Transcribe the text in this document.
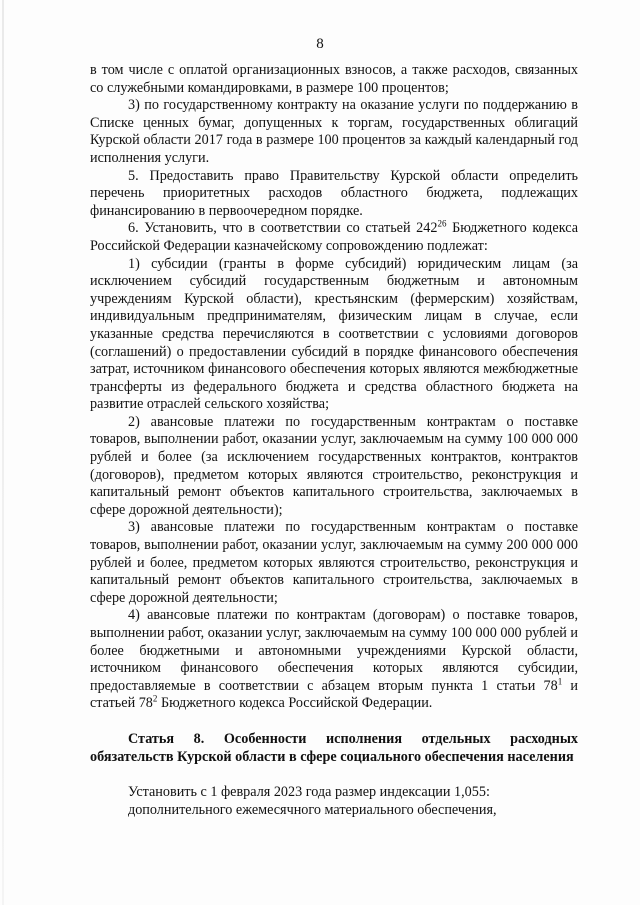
8

в том числе с оплатой организационных взносов, а также расходов, связанных со служебными командировками, в размере 100 процентов;

3) по государственному контракту на оказание услуги по поддержанию в Списке ценных бумаг, допущенных к торгам, государственных облигаций Курской области 2017 года в размере 100 процентов за каждый календарный год исполнения услуги.

5. Предоставить право Правительству Курской области определить перечень приоритетных расходов областного бюджета, подлежащих финансированию в первоочередном порядке.

6. Установить, что в соответствии со статьей $242^{26}$ Бюджетного кодекса Российской Федерации казначейскому сопровождению подлежат:

1) субсидии (гранты в форме субсидий) юридическим лицам (за исключением субсидий государственным бюджетным и автономным учреждениям Курской области), крестьянским (фермерским) хозяйствам, индивидуальным предпринимателям, физическим лицам в случае, если указанные средства перечисляются в соответствии с условиями договоров (соглашений) о предоставлении субсидий в порядке финансового обеспечения затрат, источником финансового обеспечения которых являются межбюджетные трансферты из федерального бюджета и средства областного бюджета на развитие отраслей сельского хозяйства;

2) авансовые платежи по государственным контрактам о поставке товаров, выполнении работ, оказании услуг, заключаемым на сумму 100 000 000 рублей и более (за исключением государственных контрактов, контрактов (договоров), предметом которых являются строительство, реконструкция и капитальный ремонт объектов капитального строительства, заключаемых в сфере дорожной деятельности);

3) авансовые платежи по государственным контрактам о поставке товаров, выполнении работ, оказании услуг, заключаемым на сумму 200 000 000 рублей и более, предметом которых являются строительство, реконструкция и капитальный ремонт объектов капитального строительства, заключаемых в сфере дорожной деятельности;

4) авансовые платежи по контрактам (договорам) о поставке товаров, выполнении работ, оказании услуг, заключаемым на сумму 100 000 000 рублей и более бюджетными и автономными учреждениями Курской области, источником финансового обеспечения которых являются субсидии, предоставляемые в соответствии с абзацем вторым пункта 1 статьи $78^1$ и статьей $78^2$ Бюджетного кодекса Российской Федерации.

Статья 8. Особенности исполнения отдельных расходных обязательств Курской области в сфере социального обеспечения населения

Установить с 1 февраля 2023 года размер индексации 1,055:

дополнительного ежемесячного материального обеспечения,
